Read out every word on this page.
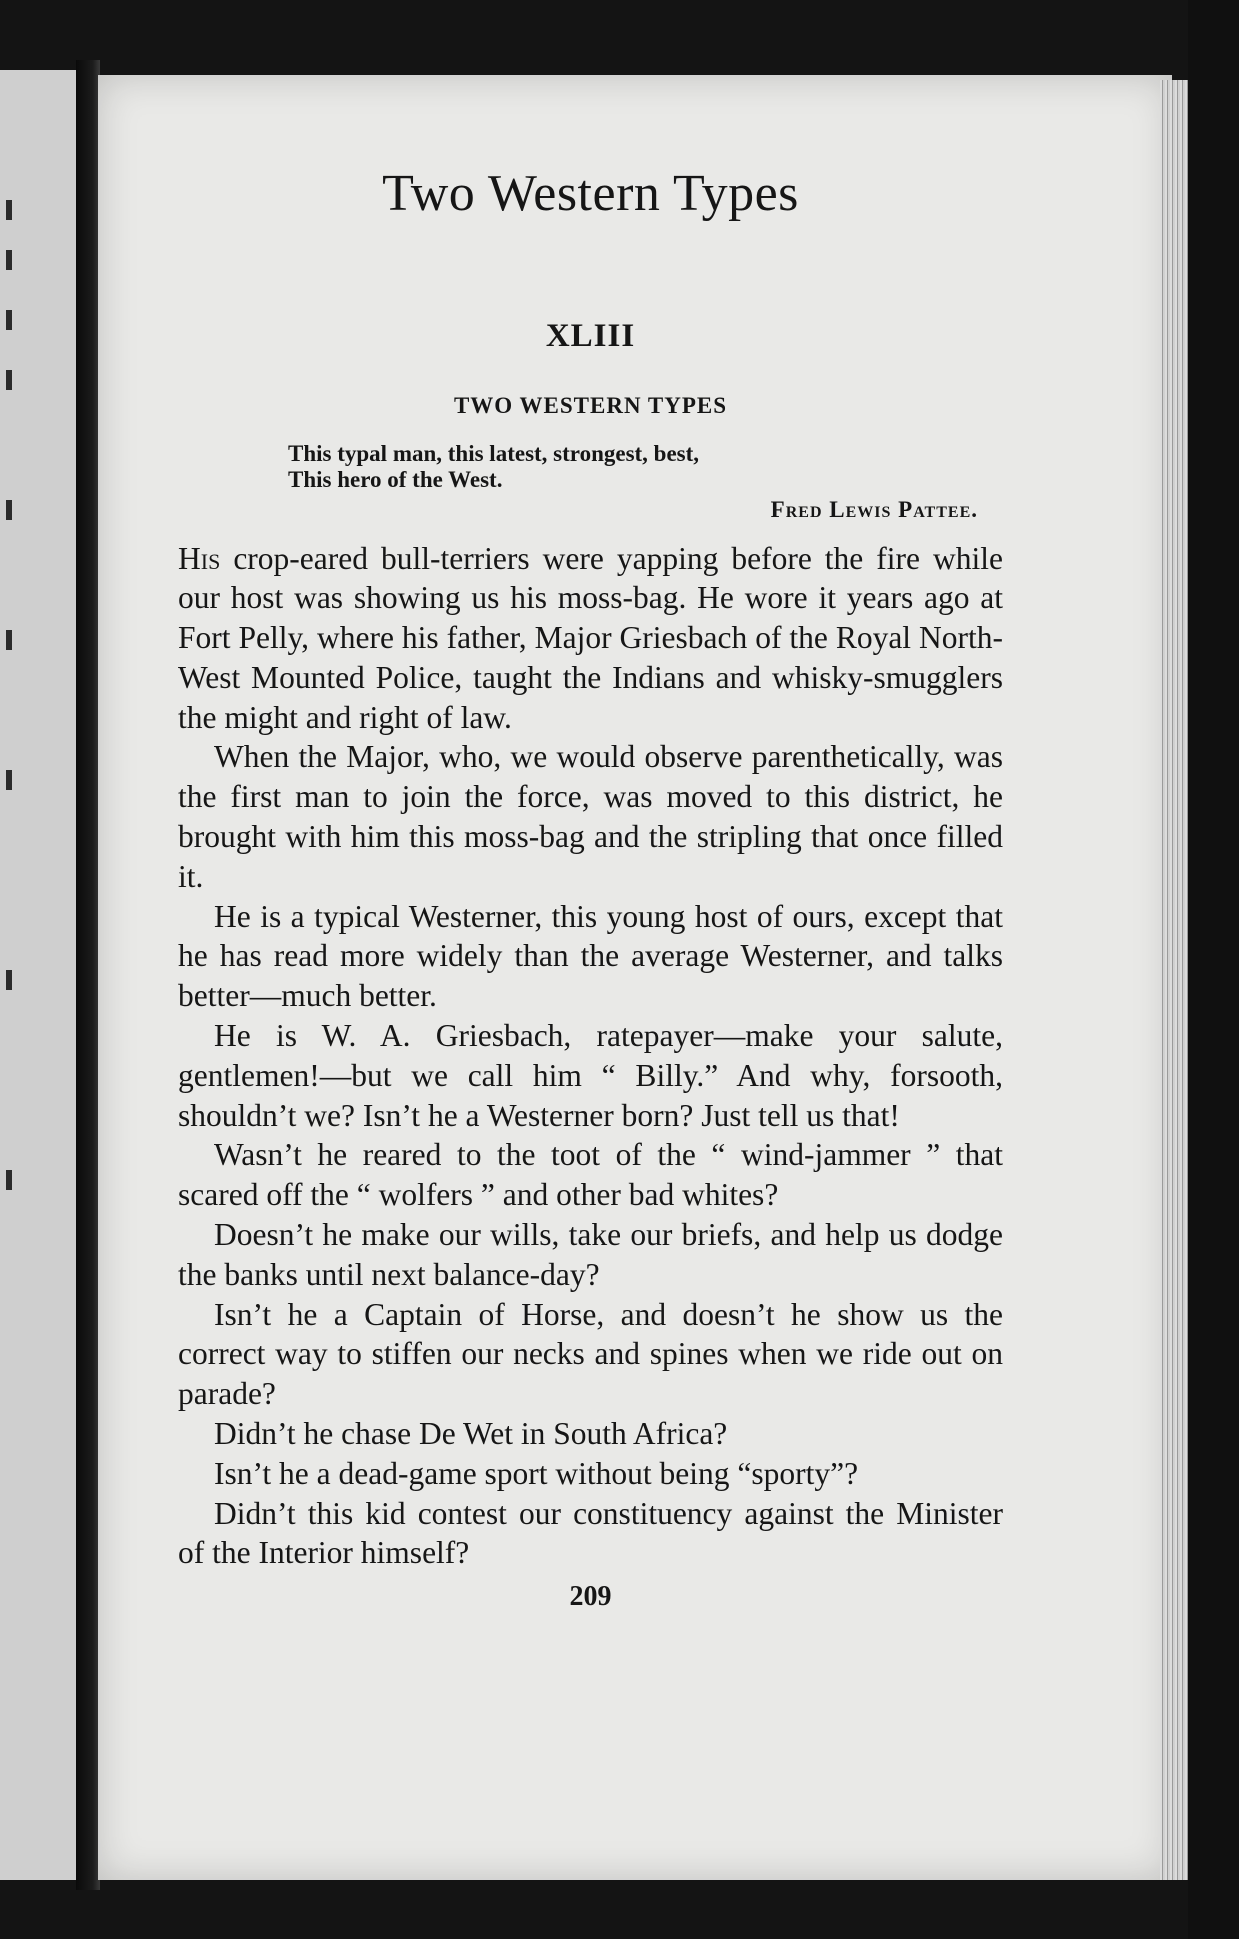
Two Western Types
XLIII
TWO WESTERN TYPES
This typal man, this latest, strongest, best,
This hero of the West.
Fred Lewis Pattee.

His crop-eared bull-terriers were yapping before the fire while our host was showing us his moss-bag. He wore it years ago at Fort Pelly, where his father, Major Griesbach of the Royal North-West Mounted Police, taught the Indians and whisky-smugglers the might and right of law.

When the Major, who, we would observe parenthetically, was the first man to join the force, was moved to this district, he brought with him this moss-bag and the stripling that once filled it.

He is a typical Westerner, this young host of ours, except that he has read more widely than the average Westerner, and talks better—much better.

He is W. A. Griesbach, ratepayer—make your salute, gentlemen!—but we call him “ Billy.” And why, forsooth, shouldn’t we? Isn’t he a Westerner born? Just tell us that!

Wasn’t he reared to the toot of the “ wind-jammer ” that scared off the “ wolfers ” and other bad whites?

Doesn’t he make our wills, take our briefs, and help us dodge the banks until next balance-day?

Isn’t he a Captain of Horse, and doesn’t he show us the correct way to stiffen our necks and spines when we ride out on parade?

Didn’t he chase De Wet in South Africa?

Isn’t he a dead-game sport without being “sporty”?

Didn’t this kid contest our constituency against the Minister of the Interior himself?

209
